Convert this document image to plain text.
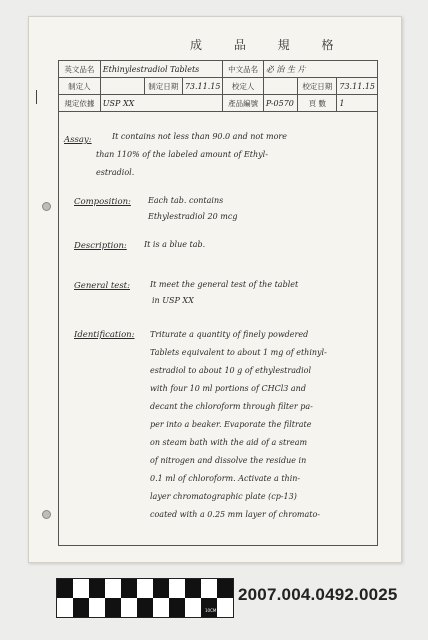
成 品 規 格
英文品名	Ethinylestradiol Tablets			中文品名	必 治 生 片		
制定人		制定日期	73.11.15	校定人		校定日期	73.11.15
規定依據	USP XX			產品編號	P-0570	頁 數	1
Assay:	It contains not less than 90.0 and not more
than 110% of the labeled amount of Ethyl-
estradiol.
Composition: Each tab. contains
Ethylestradiol 20 mcg
Description: It is a blue tab.
General test:	It meet the general test of the tablet
in USP XX
Identification: Triturate a quantity of finely powdered
Tablets equivalent to about 1 mg of ethinyl-
estradiol to about 10 g of ethylestradiol
with four 10 ml portions of CHCl3 and
decant the chloroform through filter pa-
per into a beaker. Evaporate the filtrate
on steam bath with the aid of a stream
of nitrogen and dissolve the residue in
0.1 ml of chloroform. Activate a thin-
layer chromatographic plate (cp-13)
coated with a 0.25 mm layer of chromato-
1CM	5CM	10CM
2007.004.0492.0025
